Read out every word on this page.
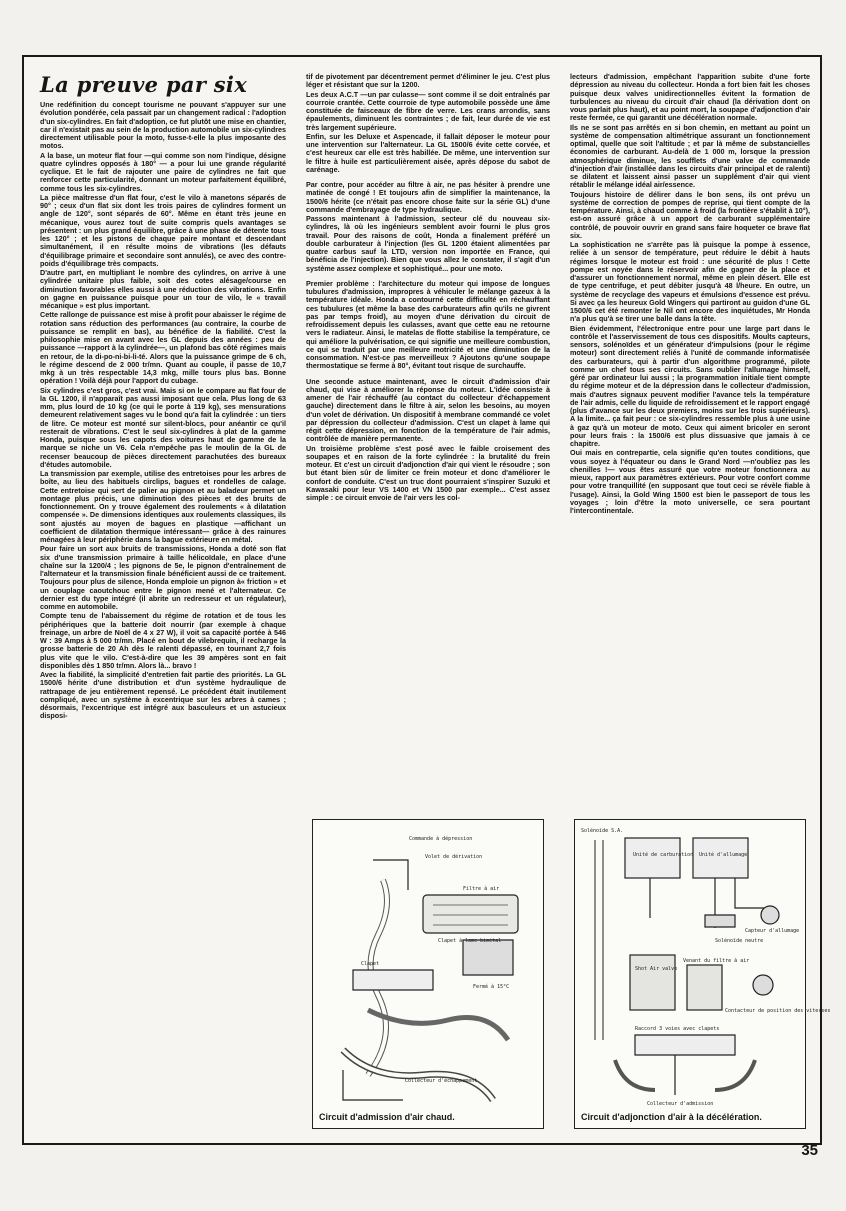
La preuve par six

Une redéfinition du concept tourisme ne pouvant s'appuyer sur une évolution pondérée, cela passait par un changement radical : l'adoption d'un six-cylindres. En fait d'adoption, ce fut plutôt une mise en chantier, car il n'existait pas au sein de la production automobile un six-cylindres directement utilisable pour la moto, fusse-t-elle la plus imposante des motos.

A la base, un moteur flat four —qui comme son nom l'indique, désigne quatre cylindres opposés à 180° — a pour lui une grande régularité cyclique. Et le fait de rajouter une paire de cylindres ne fait que renforcer cette particularité, donnant un moteur parfaitement équilibré, comme tous les six-cylindres.

La pièce maîtresse d'un flat four, c'est le vilo à manetons séparés de 90° ; ceux d'un flat six dont les trois paires de cylindres forment un angle de 120°, sont séparés de 60°. Même en étant très jeune en mécanique, vous aurez tout de suite compris quels avantages se présentent : un plus grand équilibre, grâce à une phase de détente tous les 120° ; et les pistons de chaque paire montant et descendant simultanément, il en résulte moins de vibrations (les défauts d'équilibrage primaire et secondaire sont annulés), ce avec des contre-poids d'équilibrage très compacts.

D'autre part, en multipliant le nombre des cylindres, on arrive à une cylindrée unitaire plus faible, soit des cotes alésage/course en diminution favorables elles aussi à une réduction des vibrations. Enfin on gagne en puissance puisque pour un tour de vilo, le « travail mécanique » est plus important.

Cette rallonge de puissance est mise à profit pour abaisser le régime de rotation sans réduction des performances (au contraire, la courbe de puissance se remplit en bas), au bénéfice de la fiabilité. C'est la philosophie mise en avant avec les GL depuis des années : peu de puissance —rapport à la cylindrée—, un plafond bas côté régimes mais en retour, de la di-po-ni-bi-li-té. Alors que la puissance grimpe de 6 ch, le régime descend de 2 000 tr/mn. Quant au couple, il passe de 10,7 mkg à un très respectable 14,3 mkg, mille tours plus bas. Bonne opération ! Voilà déjà pour l'apport du cubage.

Six cylindres c'est gros, c'est vrai. Mais si on le compare au flat four de la GL 1200, il n'apparaît pas aussi imposant que cela. Plus long de 63 mm, plus lourd de 10 kg (ce qui le porte à 119 kg), ses mensurations demeurent relativement sages vu le bond qu'a fait la cylindrée : un tiers de litre. Ce moteur est monté sur silent-blocs, pour anéantir ce qu'il resterait de vibrations. C'est le seul six-cylindres à plat de la gamme Honda, puisque sous les capots des voitures haut de gamme de la marque se niche un V6. Cela n'empêche pas le moulin de la GL de recenser beaucoup de pièces directement parachutées des bureaux d'études automobile.

La transmission par exemple, utilise des entretoises pour les arbres de boîte, au lieu des habituels circlips, bagues et rondelles de calage. Cette entretoise qui sert de palier au pignon et au baladeur permet un montage plus précis, une diminution des pièces et des bruits de fonctionnement. On y trouve également des roulements « à dilatation compensée ». De dimensions identiques aux roulements classiques, ils sont ajustés au moyen de bagues en plastique —affichant un coefficient de dilatation thermique intéressant— grâce à des rainures ménagées à leur périphérie dans la bague extérieure en métal.

Pour faire un sort aux bruits de transmissions, Honda a doté son flat six d'une transmission primaire à taille hélicoïdale, en place d'une chaîne sur la 1200/4 ; les pignons de 5e, le pignon d'entraînement de l'alternateur et la transmission finale bénéficient aussi de ce traitement. Toujours pour plus de silence, Honda emploie un pignon à« friction » et un couplage caoutchouc entre le pignon mené et l'alternateur. Ce dernier est du type intégré (il abrite un redresseur et un régulateur), comme en automobile.

Compte tenu de l'abaissement du régime de rotation et de tous les périphériques que la batterie doit nourrir (par exemple à chaque freinage, un arbre de Noël de 4 x 27 W), il voit sa capacité portée à 546 W : 39 Amps à 5 000 tr/mn. Placé en bout de vilebrequin, il recharge la grosse batterie de 20 Ah dès le ralenti dépassé, en tournant 2,7 fois plus vite que le vilo. C'est-à-dire que les 39 ampères sont en fait disponibles dès 1 850 tr/mn. Alors là... bravo !

Avec la fiabilité, la simplicité d'entretien fait partie des priorités. La GL 1500/6 hérite d'une distribution et d'un système hydraulique de rattrapage de jeu entièrement repensé. Le précédent était inutilement compliqué, avec un système à excentrique sur les arbres à cames ; désormais, l'excentrique est intégré aux basculeurs et un astucieux disposi-

tif de pivotement par décentrement permet d'éliminer le jeu. C'est plus léger et résistant que sur la 1200.

Les deux A.C.T —un par culasse— sont comme il se doit entraînés par courroie crantée. Cette courroie de type automobile possède une âme constituée de faisceaux de fibre de verre. Les crans arrondis, sans épaulements, diminuent les contraintes ; de fait, leur durée de vie est très largement supérieure.

Enfin, sur les Deluxe et Aspencade, il fallait déposer le moteur pour une intervention sur l'alternateur. La GL 1500/6 évite cette corvée, et c'est heureux car elle est très habillée. De même, une intervention sur le filtre à huile est particulièrement aisée, après dépose du sabot de carénage.

Par contre, pour accéder au filtre à air, ne pas hésiter à prendre une matinée de congé ! Et toujours afin de simplifier la maintenance, la 1500/6 hérite (ce n'était pas encore chose faite sur la série GL) d'une commande d'embrayage de type hydraulique.

Passons maintenant à l'admission, secteur clé du nouveau six-cylindres, là où les ingénieurs semblent avoir fourni le plus gros travail. Pour des raisons de coût, Honda a finalement préféré un double carburateur à l'injection (les GL 1200 étaient alimentées par quatre carbus sauf la LTD, version non importée en France, qui bénéficia de l'injection). Bien que vous allez le constater, il s'agit d'un système assez complexe et sophistiqué... pour une moto.

Premier problème : l'architecture du moteur qui impose de longues tubulures d'admission, impropres à véhiculer le mélange gazeux à la température idéale. Honda a contourné cette difficulté en réchauffant ces tubulures (et même la base des carburateurs afin qu'ils ne givrent pas par temps froid), au moyen d'une dérivation du circuit de refroidissement depuis les culasses, avant que cette eau ne retourne vers le radiateur. Ainsi, le matelas de flotte stabilise la température, ce qui améliore la pulvérisation, ce qui signifie une meilleure combustion, ce qui se traduit par une meilleure motricité et une diminution de la consommation. N'est-ce pas merveilleux ? Ajoutons qu'une soupape thermostatique se ferme à 80°, évitant tout risque de surchauffe.

Une seconde astuce maintenant, avec le circuit d'admission d'air chaud, qui vise à améliorer la réponse du moteur. L'idée consiste à amener de l'air réchauffé (au contact du collecteur d'échappement gauche) directement dans le filtre à air, selon les besoins, au moyen d'un volet de dérivation. Un dispositif à membrane commandé ce volet par dépression du collecteur d'admission. C'est un clapet à lame qui régit cette dépression, en fonction de la température de l'air admis, contrôlée de manière permanente.

Un troisième problème s'est posé avec le faible croisement des soupapes et en raison de la forte cylindrée : la brutalité du frein moteur. Et c'est un circuit d'adjonction d'air qui vient le résoudre ; son but étant bien sûr de limiter ce frein moteur et donc d'améliorer le confort de conduite. C'est un truc dont pourraient s'inspirer Suzuki et Kawasaki pour leur VS 1400 et VN 1500 par exemple... C'est assez simple : ce circuit envoie de l'air vers les col-

lecteurs d'admission, empêchant l'apparition subite d'une forte dépression au niveau du collecteur. Honda a fort bien fait les choses puisque deux valves unidirectionnelles évitent la formation de turbulences au niveau du circuit d'air chaud (la dérivation dont on vous parlait plus haut), et au point mort, la soupape d'adjonction d'air reste fermée, ce qui garantit une décélération normale.

Ils ne se sont pas arrêtés en si bon chemin, en mettant au point un système de compensation altimétrique assurant un fonctionnement optimal, quelle que soit l'altitude ; et par là même de substancielles économies de carburant. Au-delà de 1 000 m, lorsque la pression atmosphérique diminue, les soufflets d'une valve de commande d'injection d'air (installée dans les circuits d'air principal et de ralenti) se dilatent et laissent ainsi passer un supplément d'air qui vient rétablir le mélange idéal air/essence.

Toujours histoire de délirer dans le bon sens, ils ont prévu un système de correction de pompes de reprise, qui tient compte de la température. Ainsi, à chaud comme à froid (la frontière s'établit à 10°), est-on assuré grâce à un apport de carburant supplémentaire contrôlé, de pouvoir ouvrir en grand sans faire hoqueter ce brave flat six.

La sophistication ne s'arrête pas là puisque la pompe à essence, reliée à un sensor de température, peut réduire le débit à hauts régimes lorsque le moteur est froid : une sécurité de plus ! Cette pompe est noyée dans le réservoir afin de gagner de la place et d'assurer un fonctionnement normal, même en plein désert. Elle est de type centrifuge, et peut débiter jusqu'à 48 l/heure. En outre, un système de recyclage des vapeurs et émulsions d'essence est prévu. Si avec ça les heureux Gold Wingers qui partiront au guidon d'une GL 1500/6 cet été remonter le Nil ont encore des inquiétudes, Mr Honda n'a plus qu'à se tirer une balle dans la tête.

Bien évidemment, l'électronique entre pour une large part dans le contrôle et l'asservissement de tous ces dispositifs. Moults capteurs, sensors, solénoïdes et un générateur d'impulsions (pour le régime moteur) sont directement reliés à l'unité de commande informatisée des carburateurs, qui à partir d'un algorithme programmé, pilote comme un chef tous ses circuits. Sans oublier l'allumage himself, géré par ordinateur lui aussi ; la programmation initiale tient compte du régime moteur et de la dépression dans le collecteur d'admission, mais d'autres signaux peuvent modifier l'avance tels la température de l'air admis, celle du liquide de refroidissement et le rapport engagé (plus d'avance sur les deux premiers, moins sur les trois supérieurs). A la limite... ça fait peur : ce six-cylindres ressemble plus à une usine à gaz qu'à un moteur de moto. Ceux qui aiment bricoler en seront pour leurs frais : la 1500/6 est plus dissuasive que jamais à ce chapitre.

Oui mais en contrepartie, cela signifie qu'en toutes conditions, que vous soyez à l'équateur ou dans le Grand Nord —n'oubliez pas les chenilles !— vous êtes assuré que votre moteur fonctionnera au mieux, rapport aux paramètres extérieurs. Pour votre confort comme pour votre tranquillité (en supposant que tout ceci se révèle fiable à l'usage). Ainsi, la Gold Wing 1500 est bien le passeport de tous les voyages ; loin d'être la moto universelle, ce sera pourtant l'intercontinentale.

Commande à dépression
Volet de dérivation
Filtre à air
Clapet à lame bimétal
Fermé à 15°C
Clapet
Collecteur d'échappement
Circuit d'admission d'air chaud.
Solénoïde S.A.
Unité de carburation Unité d'allumage
Solénoïde neutre
Capteur d'allumage
Shot Air valve
Venant du filtre à air
Contacteur de position des vitesses
Raccord 3 voies avec clapets
Collecteur d'admission
Circuit d'adjonction d'air à la décélération.
35
